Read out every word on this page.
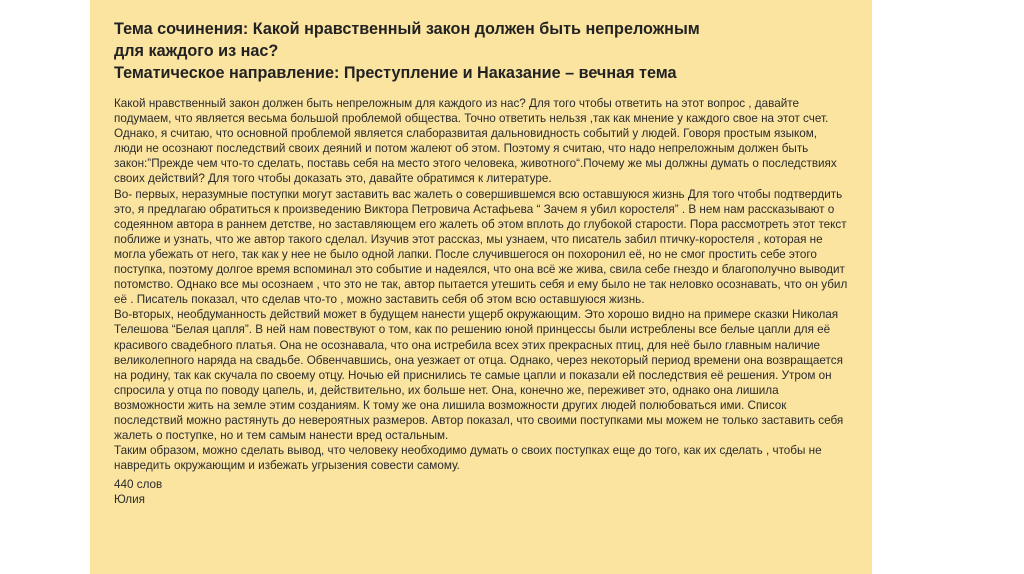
Тема сочинения: Какой нравственный закон должен быть непреложным

для каждого из нас?

Тематическое направление: Преступление и Наказание – вечная тема

Какой нравственный закон должен быть непреложным для каждого из нас? Для того чтобы ответить на этот вопрос , давайте подумаем, что является весьма большой проблемой общества. Точно ответить нельзя ,так как мнение у каждого свое на этот счет. Однако, я считаю, что основной проблемой является слаборазвитая дальновидность событий у людей. Говоря простым языком, люди не осознают последствий своих деяний и потом жалеют об этом. Поэтому я считаю, что надо непреложным должен быть закон:”Прежде чем что-то сделать, поставь себя на место этого человека, животного“.Почему же мы должны думать о последствиях своих действий? Для того чтобы доказать это, давайте обратимся к литературе.

Во- первых, неразумные поступки могут заставить вас жалеть о совершившемся всю оставшуюся жизнь Для того чтобы подтвердить это, я предлагаю обратиться к произведению Виктора Петровича Астафьева “ Зачем я убил коростеля” . В нем нам рассказывают о содеянном автора в раннем детстве, но заставляющем его жалеть об этом вплоть до глубокой старости. Пора рассмотреть этот текст поближе и узнать, что же автор такого сделал. Изучив этот рассказ, мы узнаем, что писатель забил птичку-коростеля , которая не могла убежать от него, так как у нее не было одной лапки. После случившегося он похоронил её, но не смог простить себе этого поступка, поэтому долгое время вспоминал это событие и надеялся, что она всё же жива, свила себе гнездо и благополучно выводит потомство. Однако все мы осознаем , что это не так, автор пытается утешить себя и ему было не так неловко осознавать, что он убил её . Писатель показал, что сделав что-то , можно заставить себя об этом всю оставшуюся жизнь.

Во-вторых, необдуманность действий может в будущем нанести ущерб окружающим. Это хорошо видно на примере сказки Николая Телешова “Белая цапля”. В ней нам повествуют о том, как по решению юной принцессы были истреблены все белые цапли для её красивого свадебного платья. Она не осознавала, что она истребила всех этих прекрасных птиц, для неё было главным наличие великолепного наряда на свадьбе. Обвенчавшись, она уезжает от отца. Однако, через некоторый период времени она возвращается на родину, так как скучала по своему отцу. Ночью ей приснились те самые цапли и показали ей последствия её решения. Утром он спросила у отца по поводу цапель, и, действительно, их больше нет. Она, конечно же, переживет это, однако она лишила возможности жить на земле этим созданиям. К тому же она лишила возможности других людей полюбоваться ими. Список последствий можно растянуть до невероятных размеров. Автор показал, что своими поступками мы можем не только заставить себя жалеть о поступке, но и тем самым нанести вред остальным.

Таким образом, можно сделать вывод, что человеку необходимо думать о своих поступках еще до того, как их сделать , чтобы не навредить окружающим и избежать угрызения совести самому.

440 слов
Юлия
